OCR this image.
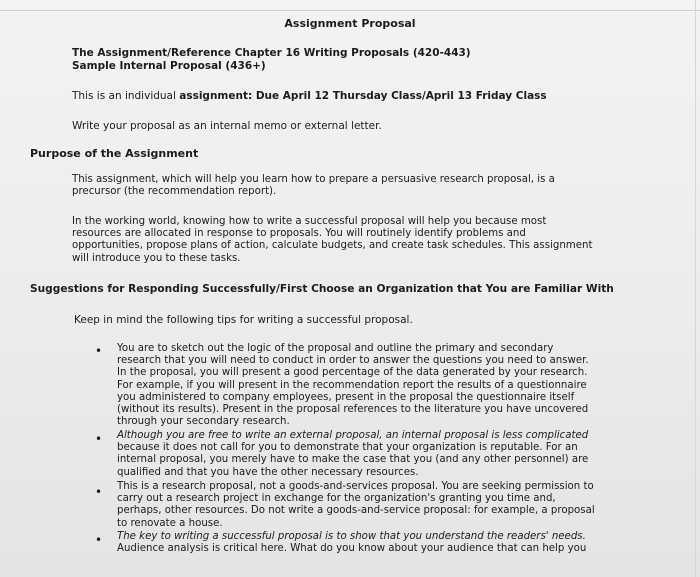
Assignment Proposal
The Assignment/Reference Chapter 16 Writing Proposals (420-443)
Sample Internal Proposal (436+)
This is an individual assignment: Due April 12 Thursday Class/April 13 Friday Class
Write your proposal as an internal memo or external letter.
Purpose of the Assignment
This assignment, which will help you learn how to prepare a persuasive research proposal, is a
precursor (the recommendation report).
In the working world, knowing how to write a successful proposal will help you because most
resources are allocated in response to proposals. You will routinely identify problems and
opportunities, propose plans of action, calculate budgets, and create task schedules. This assignment
will introduce you to these tasks.
Suggestions for Responding Successfully/First Choose an Organization that You are Familiar With
Keep in mind the following tips for writing a successful proposal.
• You are to sketch out the logic of the proposal and outline the primary and secondary
research that you will need to conduct in order to answer the questions you need to answer.
In the proposal, you will present a good percentage of the data generated by your research.
For example, if you will present in the recommendation report the results of a questionnaire
you administered to company employees, present in the proposal the questionnaire itself
(without its results). Present in the proposal references to the literature you have uncovered
through your secondary research.
• Although you are free to write an external proposal, an internal proposal is less complicated
because it does not call for you to demonstrate that your organization is reputable. For an
internal proposal, you merely have to make the case that you (and any other personnel) are
qualified and that you have the other necessary resources.
• This is a research proposal, not a goods-and-services proposal. You are seeking permission to
carry out a research project in exchange for the organization's granting you time and,
perhaps, other resources. Do not write a goods-and-service proposal: for example, a proposal
to renovate a house.
• The key to writing a successful proposal is to show that you understand the readers' needs.
Audience analysis is critical here. What do you know about your audience that can help you
